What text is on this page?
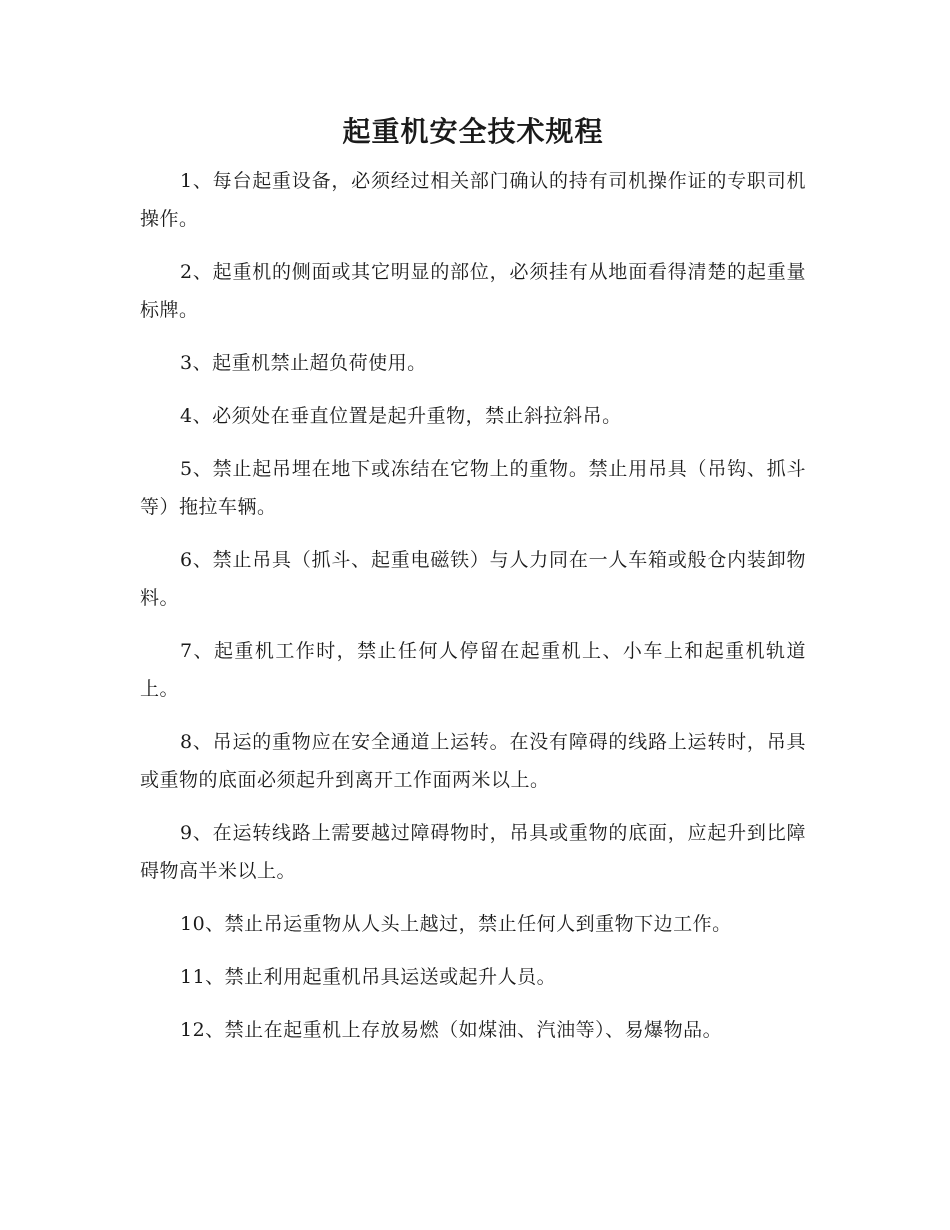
起重机安全技术规程

1、每台起重设备，必须经过相关部门确认的持有司机操作证的专职司机操作。

2、起重机的侧面或其它明显的部位，必须挂有从地面看得清楚的起重量标牌。

3、起重机禁止超负荷使用。

4、必须处在垂直位置是起升重物，禁止斜拉斜吊。

5、禁止起吊埋在地下或冻结在它物上的重物。禁止用吊具（吊钩、抓斗等）拖拉车辆。

6、禁止吊具（抓斗、起重电磁铁）与人力同在一人车箱或般仓内装卸物料。

7、起重机工作时，禁止任何人停留在起重机上、小车上和起重机轨道上。

8、吊运的重物应在安全通道上运转。在没有障碍的线路上运转时，吊具或重物的底面必须起升到离开工作面两米以上。

9、在运转线路上需要越过障碍物时，吊具或重物的底面，应起升到比障碍物高半米以上。

10、禁止吊运重物从人头上越过，禁止任何人到重物下边工作。

11、禁止利用起重机吊具运送或起升人员。

12、禁止在起重机上存放易燃（如煤油、汽油等）、易爆物品。
